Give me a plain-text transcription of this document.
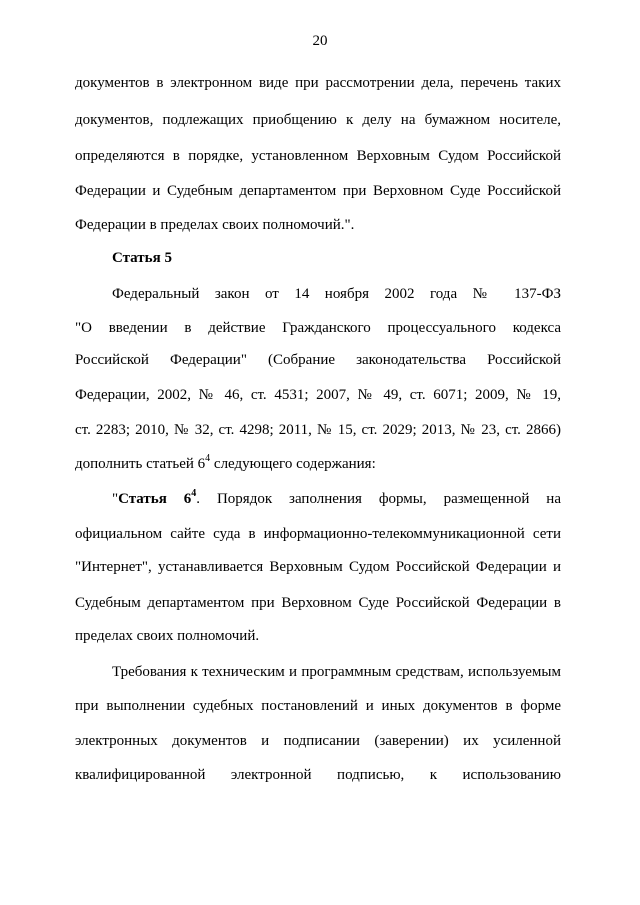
20
документов в электронном виде при рассмотрении дела, перечень таких
документов, подлежащих приобщению к делу на бумажном носителе,
определяются в порядке, установленном Верховным Судом Российской
Федерации и Судебным департаментом при Верховном Суде Российской
Федерации в пределах своих полномочий.".
Статья 5
Федеральный закон от 14 ноября 2002 года № 137-ФЗ
"О введении в действие Гражданского процессуального кодекса
Российской Федерации" (Собрание законодательства Российской
Федерации, 2002, № 46, ст. 4531; 2007, № 49, ст. 6071; 2009, № 19,
ст. 2283; 2010, № 32, ст. 4298; 2011, № 15, ст. 2029; 2013, № 23, ст. 2866)
дополнить статьей $6^4$ следующего содержания:
"Статья $6^4$. Порядок заполнения формы, размещенной на
официальном сайте суда в информационно-телекоммуникационной сети
"Интернет", устанавливается Верховным Судом Российской Федерации и
Судебным департаментом при Верховном Суде Российской Федерации в
пределах своих полномочий.
Требования к техническим и программным средствам, используемым
при выполнении судебных постановлений и иных документов в форме
электронных документов и подписании (заверении) их усиленной
квалифицированной электронной подписью, к использованию
